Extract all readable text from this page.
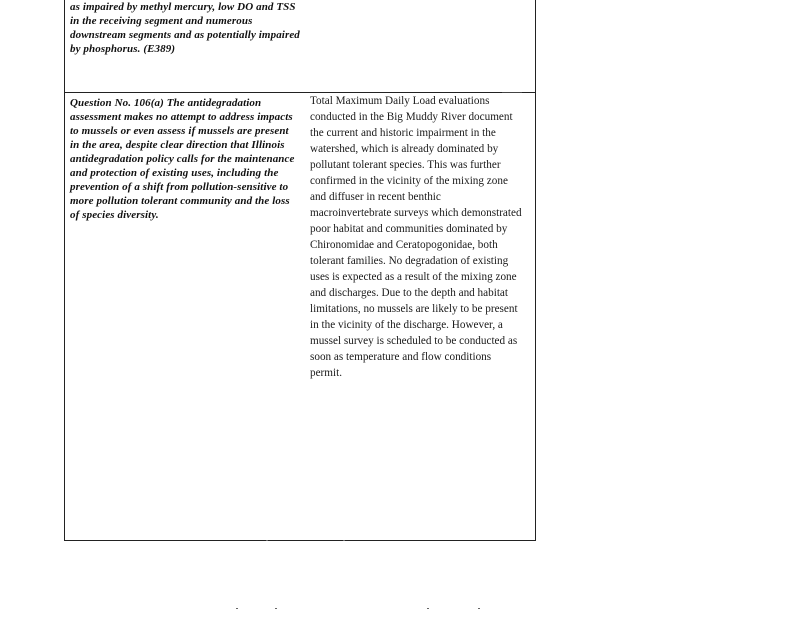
as impaired by methyl mercury, low DO and TSS in the receiving segment and numerous downstream segments and as potentially impaired by phosphorus. (E389)
Question No. 106(a) The antidegradation assessment makes no attempt to address impacts to mussels or even assess if mussels are present in the area, despite clear direction that Illinois antidegradation policy calls for the maintenance and protection of existing uses, including the prevention of a shift from pollution-sensitive to more pollution tolerant community and the loss of species diversity.
Total Maximum Daily Load evaluations conducted in the Big Muddy River document the current and historic impairment in the watershed, which is already dominated by pollutant tolerant species. This was further confirmed in the vicinity of the mixing zone and diffuser in recent benthic macroinvertebrate surveys which demonstrated poor habitat and communities dominated by Chironomidae and Ceratopogonidae, both tolerant families. No degradation of existing uses is expected as a result of the mixing zone and discharges. Due to the depth and habitat limitations, no mussels are likely to be present in the vicinity of the discharge. However, a mussel survey is scheduled to be conducted as soon as temperature and flow conditions permit.
